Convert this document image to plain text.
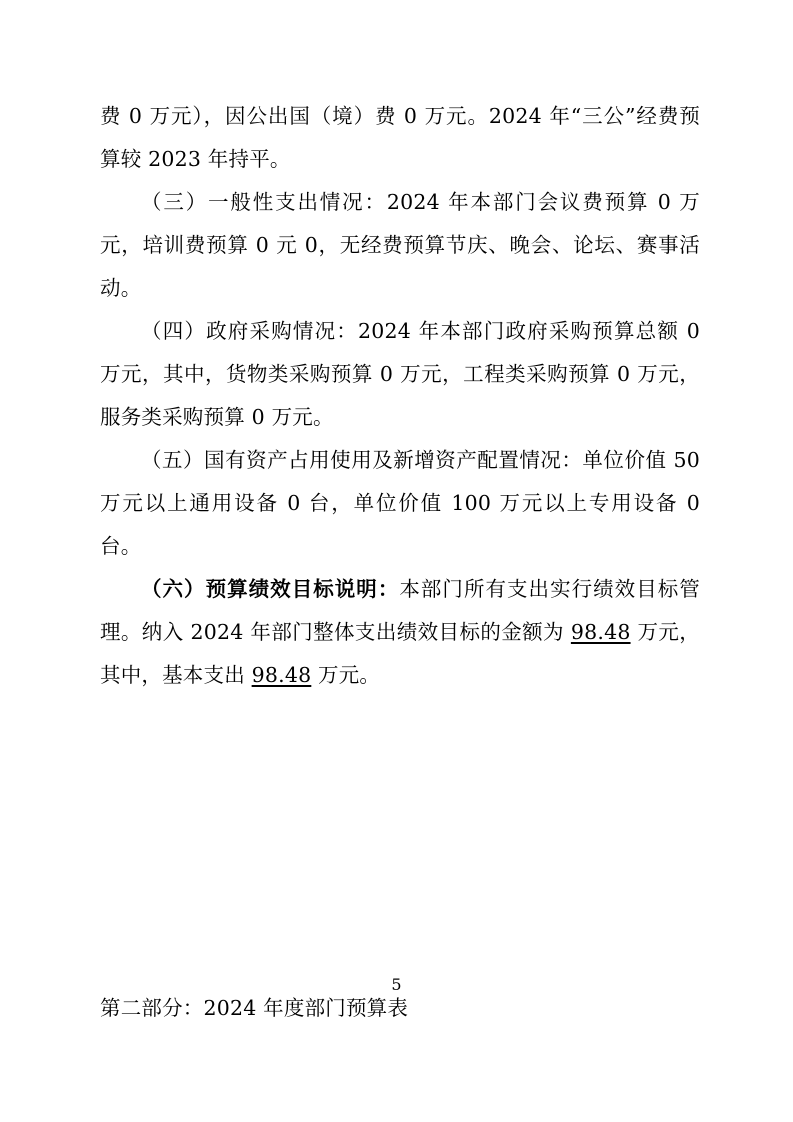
费 0 万元），因公出国（境）费 0 万元。2024 年“三公”经费预算较 2023 年持平。

（三）一般性支出情况：2024 年本部门会议费预算 0 万元，培训费预算 0 元 0，无经费预算节庆、晚会、论坛、赛事活动。

（四）政府采购情况：2024 年本部门政府采购预算总额 0 万元，其中，货物类采购预算 0 万元，工程类采购预算 0 万元，服务类采购预算 0 万元。

（五）国有资产占用使用及新增资产配置情况：单位价值 50 万元以上通用设备 0 台，单位价值 100 万元以上专用设备 0 台。

（六）预算绩效目标说明：本部门所有支出实行绩效目标管理。纳入 2024 年部门整体支出绩效目标的金额为 98.48 万元，其中，基本支出 98.48 万元。

第二部分：2024 年度部门预算表

5
